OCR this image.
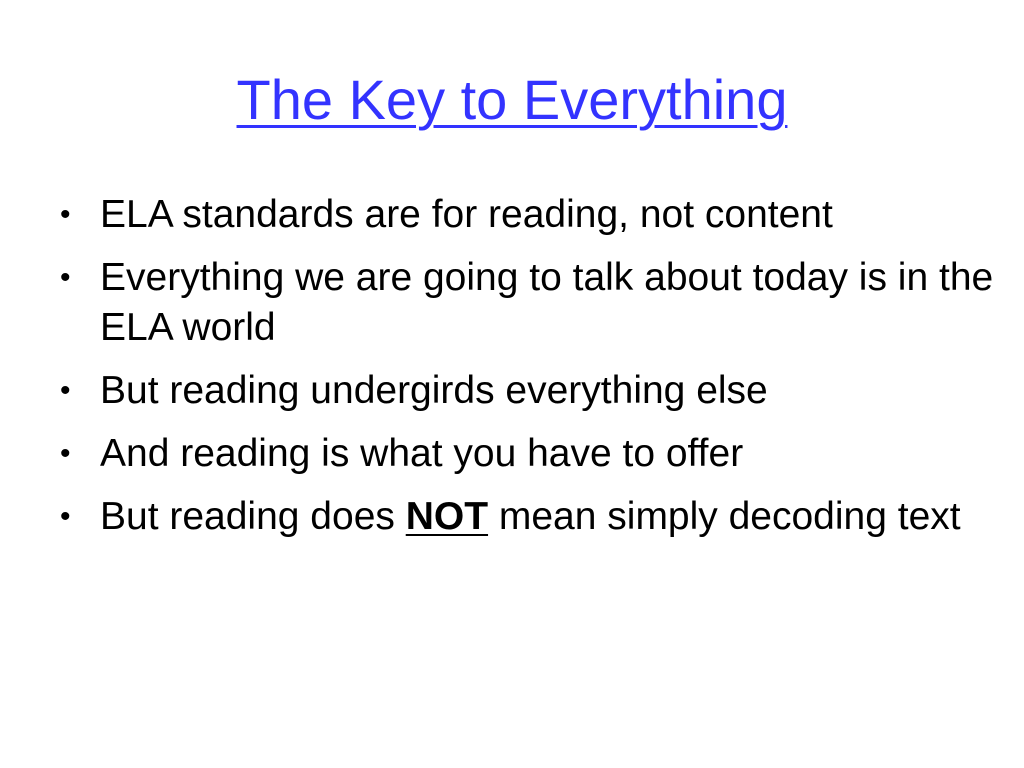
The Key to Everything
• ELA standards are for reading, not content
• Everything we are going to talk about today is in the ELA world
• But reading undergirds everything else
• And reading is what you have to offer
• But reading does NOT mean simply decoding text
